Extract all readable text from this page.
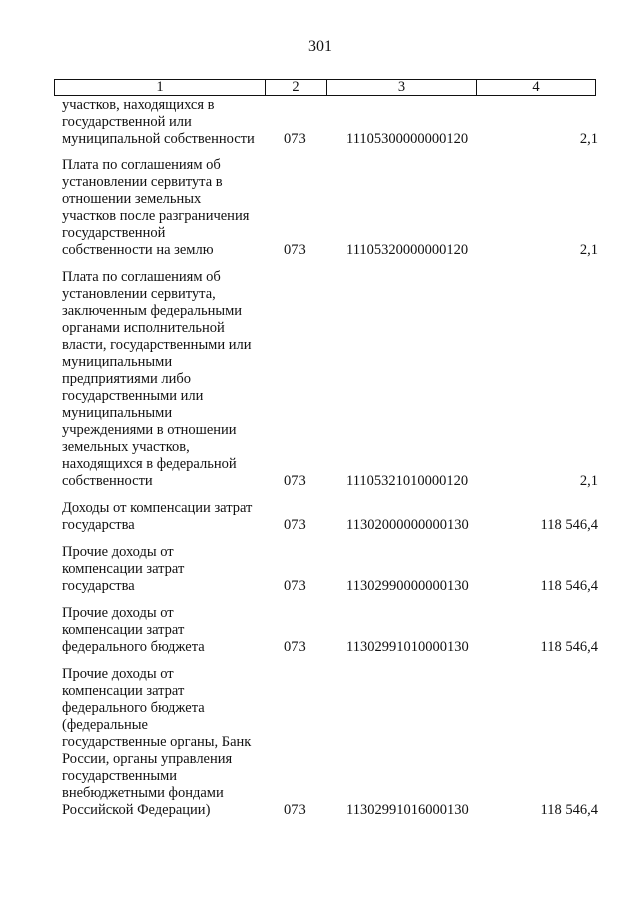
301
1	2	3	4
участков, находящихся в
государственной или
муниципальной собственности	073	11105300000000120	2,1
Плата по соглашениям об
установлении сервитута в
отношении земельных
участков после разграничения
государственной
собственности на землю	073	11105320000000120	2,1
Плата по соглашениям об
установлении сервитута,
заключенным федеральными
органами исполнительной
власти, государственными или
муниципальными
предприятиями либо
государственными или
муниципальными
учреждениями в отношении
земельных участков,
находящихся в федеральной
собственности	073	11105321010000120	2,1
Доходы от компенсации затрат
государства	073	11302000000000130	118 546,4
Прочие доходы от
компенсации затрат
государства	073	11302990000000130	118 546,4
Прочие доходы от
компенсации затрат
федерального бюджета	073	11302991010000130	118 546,4
Прочие доходы от
компенсации затрат
федерального бюджета
(федеральные
государственные органы, Банк
России, органы управления
государственными
внебюджетными фондами
Российской Федерации)	073	11302991016000130	118 546,4
